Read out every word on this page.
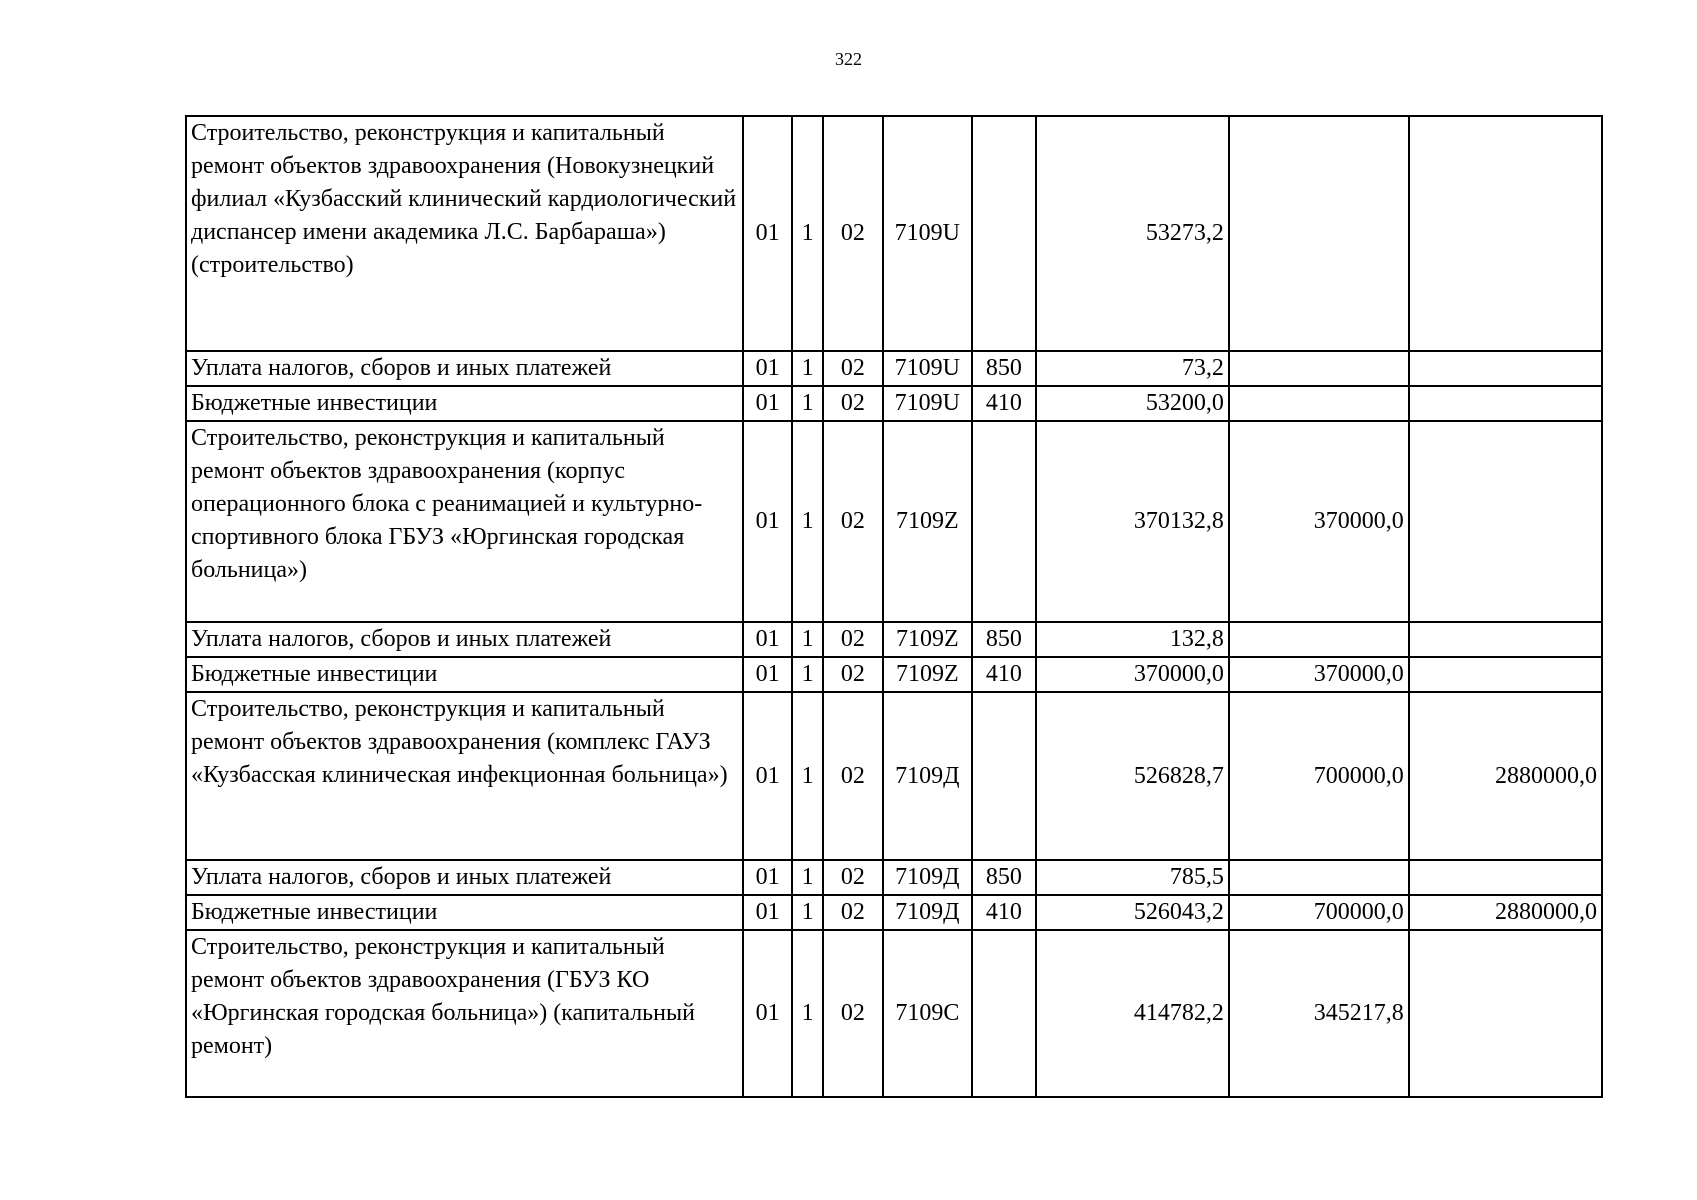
322
Строительство, реконструкция и капитальный ремонт объектов здравоохранения (Новокузнецкий филиал «Кузбасский клинический кардиологический диспансер имени академика Л.С. Барбараша») (строительство)	01	1	02	7109U		53273,2		
Уплата налогов, сборов и иных платежей	01	1	02	7109U	850	73,2		
Бюджетные инвестиции	01	1	02	7109U	410	53200,0		
Строительство, реконструкция и капитальный ремонт объектов здравоохранения (корпус операционного блока с реанимацией и культурно-спортивного блока ГБУЗ «Юргинская городская больница»)	01	1	02	7109Z		370132,8	370000,0	
Уплата налогов, сборов и иных платежей	01	1	02	7109Z	850	132,8		
Бюджетные инвестиции	01	1	02	7109Z	410	370000,0	370000,0	
Строительство, реконструкция и капитальный ремонт объектов здравоохранения (комплекс ГАУЗ «Кузбасская клиническая инфекционная больница»)	01	1	02	7109Д		526828,7	700000,0	2880000,0
Уплата налогов, сборов и иных платежей	01	1	02	7109Д	850	785,5		
Бюджетные инвестиции	01	1	02	7109Д	410	526043,2	700000,0	2880000,0
Строительство, реконструкция и капитальный ремонт объектов здравоохранения (ГБУЗ КО «Юргинская городская больница») (капитальный ремонт)	01	1	02	7109С		414782,2	345217,8	
